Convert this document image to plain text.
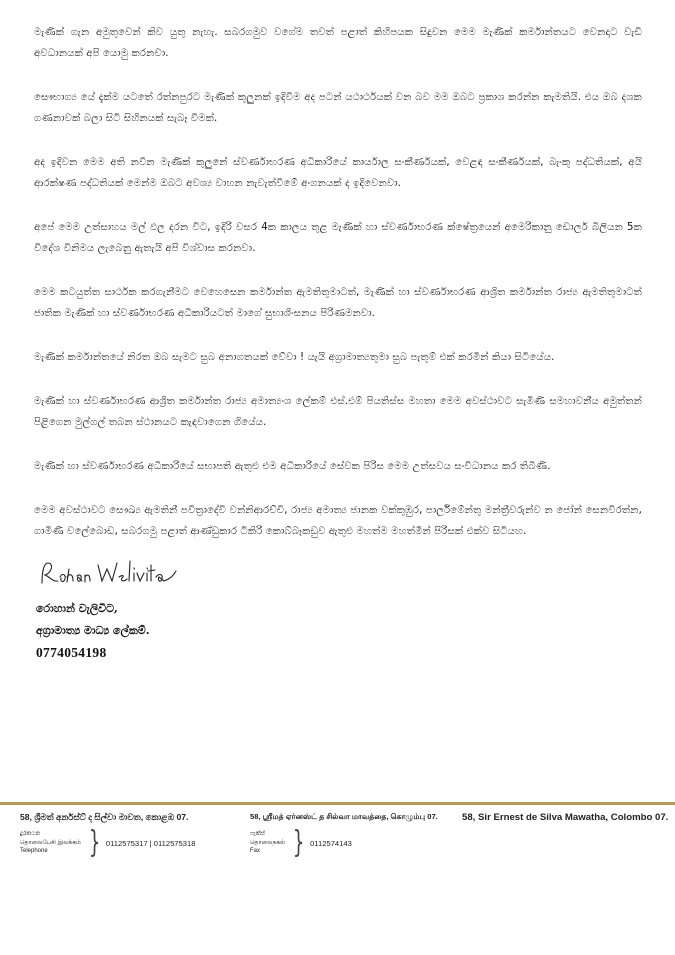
මැණික් ගැන අමුතුවෙන් කිව යුතු නැහැ. සබරගමුව වගේම තවත් පළාත් කිහිපයක සිදුවන මෙම මැණික් කර්මාන්තයට වෙනදාට වැඩි අවධානයක් අපි යොමු කරනවා.

සෞභාග්‍ය යේ දැක්ම යටතේ රත්නපුරට මැණික් කුලුනක් ඉදිවීම අද පටන් යථාර්ථයක් වන බව මම ඔබට ප්‍රකාශ කරන්න කැමතියි. එය ඔබ දශක ගණනාවක් බලා සිටි සිහිනයක් සැබෑ වීමක්.

අද ඉදිවන මෙම අති නවීන මැණික් කුලුනේ ස්වර්ණාභරණ අධිකාරියේ කාර්යාල සංකීර්ණයක්, වෙළඳ සංකීර්ණයක්, බැංකු පද්ධතියක්, අයි ආරක්ෂණ පද්ධතියක් මෙන්ම ඔබට අවශ්‍ය වාහන නැවැත්වීමේ අංගනයක් ද ඉදිවෙනවා.

අපේ මෙම උත්සාහය මල් ඵල දරන විට, ඉදිරි වසර 4ක කාලය තුළ මැණික් හා ස්වර්ණාභරණ ක්ෂේත්‍රයෙන් අමෙරිකානු ඩොලර් බිලියන 5ක විදේශ විනිමය ලැබෙනු ඇතැයි අපි විශ්වාස කරනවා.

මෙම කටයුත්ත සාර්ථක කරගැනීමට වෙහෙසෙන කර්මාන්ත ඇමතිතුමාටත්, මැණික් හා ස්වර්ණාභරණ ආශ්‍රිත කර්මාන්ත රාජ්‍ය ඇමතිතුමාටත් ජාතික මැණික් හා ස්වර්ණාභරණ අධිකාරියටත් මාගේ සුභාශිංසනය පිරිණමනවා.

මැණික් කර්මාන්තයේ නිරත ඔබ සැමට සුබ අනාගතයක් වේවා ! යැයි අග්‍රාමාත්‍යතුමා සුබ පැතුම් එක් කරමින් කියා සිටියේය.

මැණික් හා ස්වර්ණාභරණ ආශ්‍රිත කර්මාන්ත රාජ්‍ය අමාත්‍යංශ ලේකම් එස්.එම් පියතිස්ස මහතා මෙම අවස්ථාවට සැමිණි සමහාවනීය අමුත්තන් පිළිගෙන මුල්ගල් තබන ස්ථානයට කැඳවාගෙන ගියේය.

මැණික් හා ස්වර්ණාභරණ අධිකාරියේ සභාපති ඇතුළු එම අධිකාරියේ සේවක පිරිස මෙම උත්සවය සංවිධානය කර තිබිණි.

මෙම අවස්ථාවට සෞඛ්‍ය ඇමතිනී පවිත්‍රාදේවි වන්නිආරච්චි, රාජ්‍ය අමාත්‍ය ජානක වක්කුඹුර, පාර්ලිමේන්තු මන්ත්‍රීවරුන්ව න ජෝන් සෙනවිරත්න, ගාමිණී වලේබොඩ, සබරගමු පළාත් ආණ්ඩුකාර ටිකිරි කොබ්බෑකඩුව ඇතුළු මහත්ම මහත්මීන් පිරිසක් එක්ව සිටියහ.

රොහාන් වැලිවිට,
අග්‍රාමාත්‍ය මාධ්‍ය ලේකම්.
0774054198
58, ශ්‍රීමත් අර්නස්ට් ද සිල්වා මාවත, කොළඹ 07.	58, ஸ்ரீமத் ஏர்னஸ்ட் த சில்வா மாவத்தை, கொழும்பு 07.	58, Sir Ernest de Silva Mawatha, Colombo 07.
දුරකථන
தொலைபேசி இலக்கம்
Telephone	} 0112575317 | 0112575318
ෆැක්ස්
தொலைநகல்
Fax	} 0112574143
